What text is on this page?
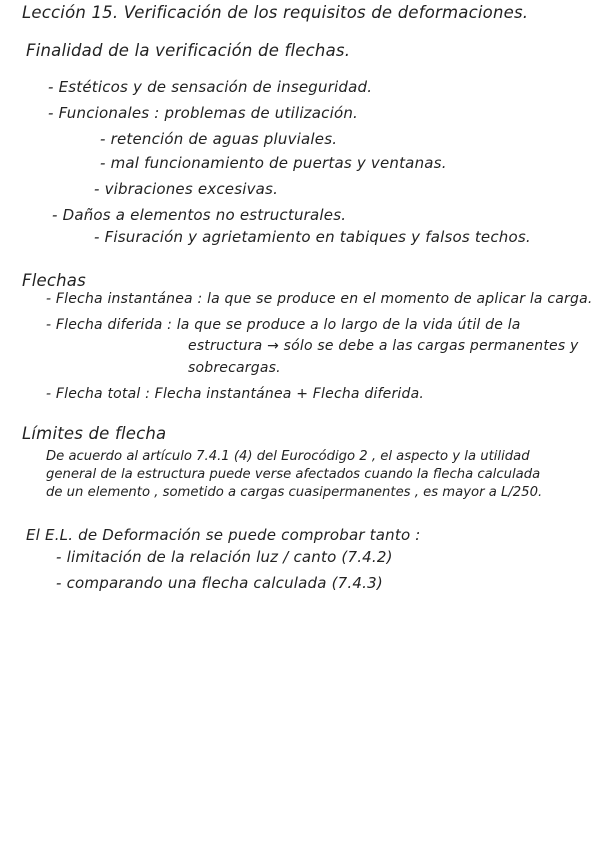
Lección 15. Verificación de los requisitos de deformaciones.
Finalidad de la verificación de flechas.
- Estéticos y de sensación de inseguridad.
- Funcionales : problemas de utilización.
- retención de aguas pluviales.
- mal funcionamiento de puertas y ventanas.
- vibraciones excesivas.
- Daños a elementos no estructurales.
- Fisuración y agrietamiento en tabiques y falsos techos.
Flechas
- Flecha instantánea : la que se produce en el momento de aplicar la carga.
- Flecha diferida : la que se produce a lo largo de la vida útil de la
estructura → sólo se debe a las cargas permanentes y
sobrecargas.
- Flecha total : Flecha instantánea + Flecha diferida.
Límites de flecha
De acuerdo al artículo 7.4.1 (4) del Eurocódigo 2 , el aspecto y la utilidad
general de la estructura puede verse afectados cuando la flecha calculada
de un elemento , sometido a cargas cuasipermanentes , es mayor a L/250.
El E.L. de Deformación se puede comprobar tanto :
- limitación de la relación luz / canto (7.4.2)
- comparando una flecha calculada (7.4.3)
